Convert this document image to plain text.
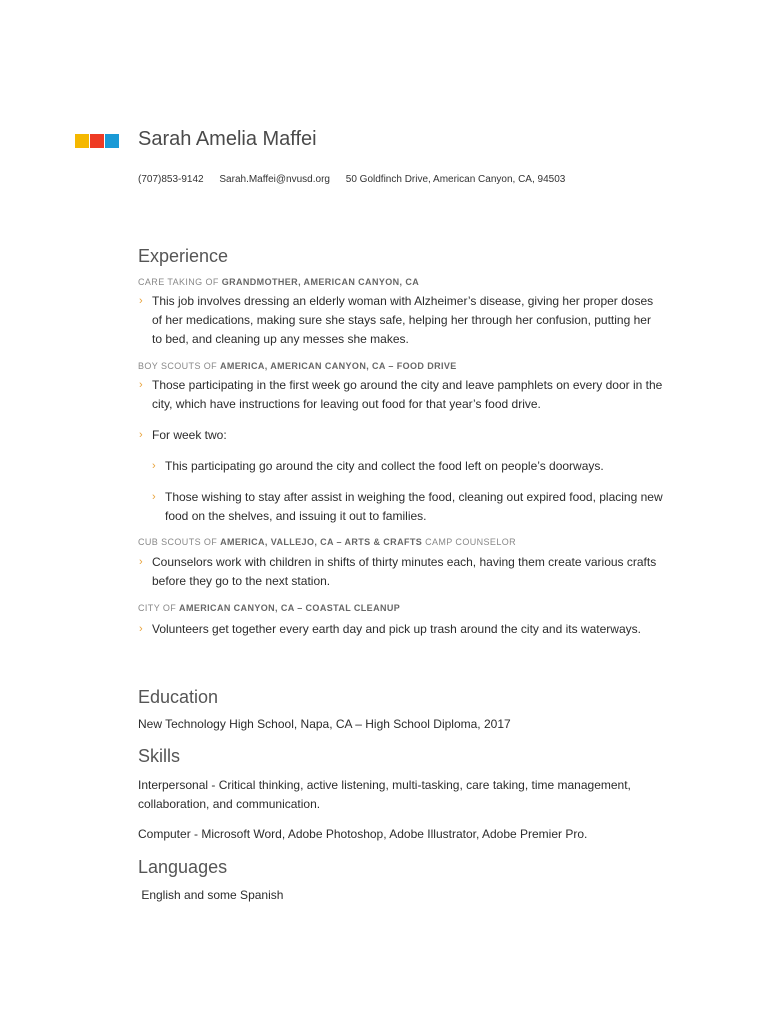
Sarah Amelia Maffei
(707)853-9142 Sarah.Maffei@nvusd.org 50 Goldfinch Drive, American Canyon, CA, 94503
Experience
CARE TAKING OF GRANDMOTHER, AMERICAN CANYON, CA
› This job involves dressing an elderly woman with Alzheimer’s disease, giving her proper doses of her medications, making sure she stays safe, helping her through her confusion, putting her to bed, and cleaning up any messes she makes.
BOY SCOUTS OF AMERICA, AMERICAN CANYON, CA – FOOD DRIVE
› Those participating in the first week go around the city and leave pamphlets on every door in the city, which have instructions for leaving out food for that year’s food drive.
› For week two:
› This participating go around the city and collect the food left on people’s doorways.
› Those wishing to stay after assist in weighing the food, cleaning out expired food, placing new food on the shelves, and issuing it out to families.
CUB SCOUTS OF AMERICA, VALLEJO, CA – ARTS & CRAFTS CAMP COUNSELOR
› Counselors work with children in shifts of thirty minutes each, having them create various crafts before they go to the next station.
CITY OF AMERICAN CANYON, CA – COASTAL CLEANUP
› Volunteers get together every earth day and pick up trash around the city and its waterways.
Education
New Technology High School, Napa, CA – High School Diploma, 2017
Skills
Interpersonal - Critical thinking, active listening, multi-tasking, care taking, time management, collaboration, and communication.
Computer - Microsoft Word, Adobe Photoshop, Adobe Illustrator, Adobe Premier Pro.
Languages
English and some Spanish
